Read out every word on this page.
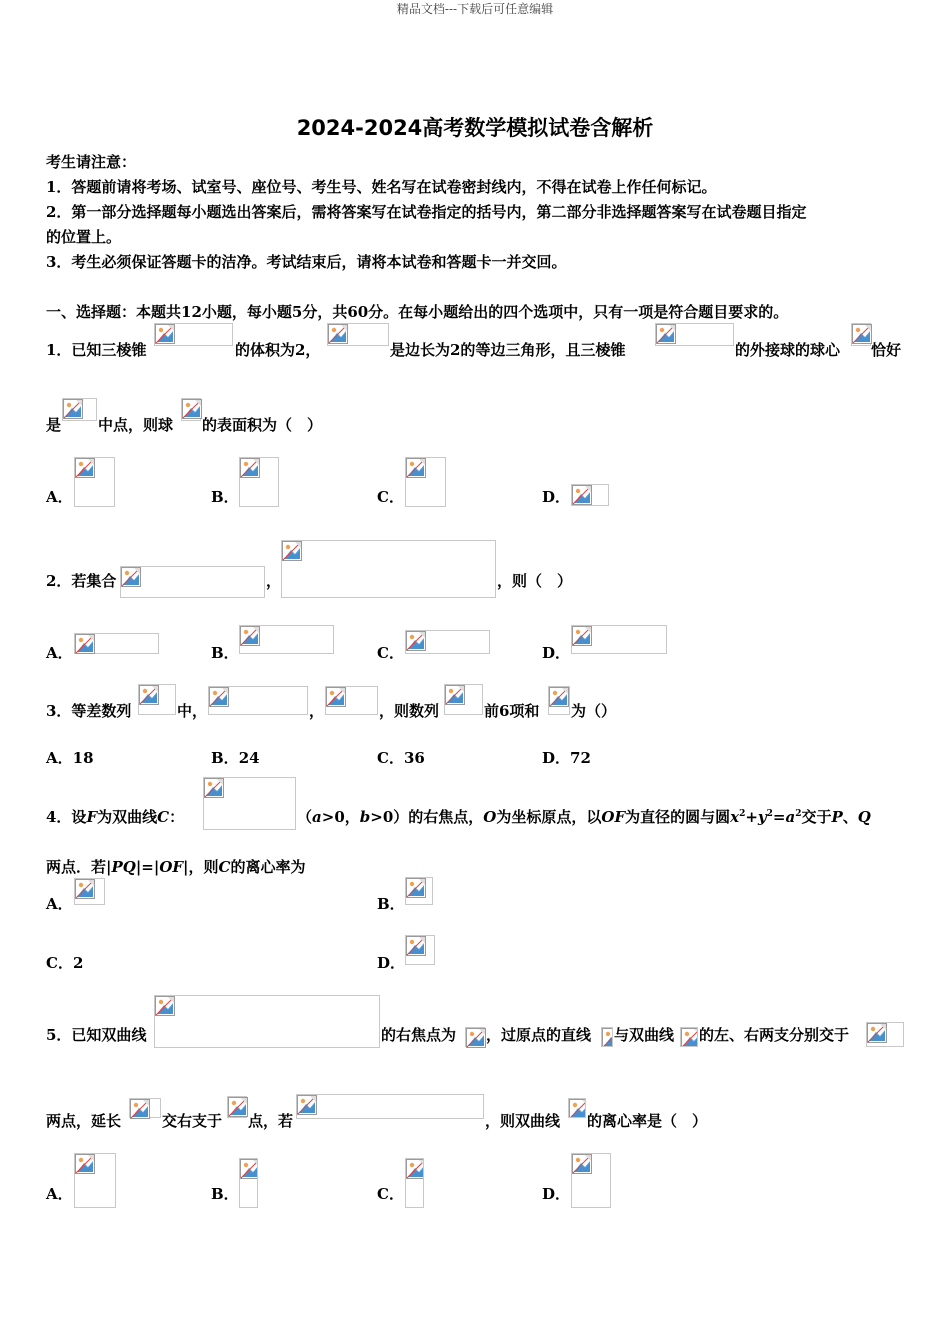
精品文档---下载后可任意编辑
2024-2024高考数学模拟试卷含解析
考生请注意：
1．答题前请将考场、试室号、座位号、考生号、姓名写在试卷密封线内，不得在试卷上作任何标记。
2．第一部分选择题每小题选出答案后，需将答案写在试卷指定的括号内，第二部分非选择题答案写在试卷题目指定
的位置上。
3．考生必须保证答题卡的洁净。考试结束后，请将本试卷和答题卡一并交回。
一、选择题：本题共12小题，每小题5分，共60分。在每小题给出的四个选项中，只有一项是符合题目要求的。
1．已知三棱锥	的体积为2，	是边长为2的等边三角形，且三棱锥	的外接球的球心 恰好
是 中点，则球 的表面积为（　）
A．	B．	C．	D．
2．若集合	，	，则（　）
A．	B．	C．	D．
3．等差数列	中，	，	，则数列	前6项和 为（）
A．18	B．24	C．36	D．72
4．设F为双曲线C：	（a>0，b>0）的右焦点，O为坐标原点，以OF为直径的圆与圆$x^2+y^2=a^2$交于P、Q
两点．若|PQ|=|OF|，则C的离心率为
A．	B．
C．2	D．
5．已知双曲线	的右焦点为 ，过原点的直线 与双曲线 的左、右两支分别交于
两点，延长	交右支于 点，若	，则双曲线 的离心率是（　）
A．	B．	C．	D．
